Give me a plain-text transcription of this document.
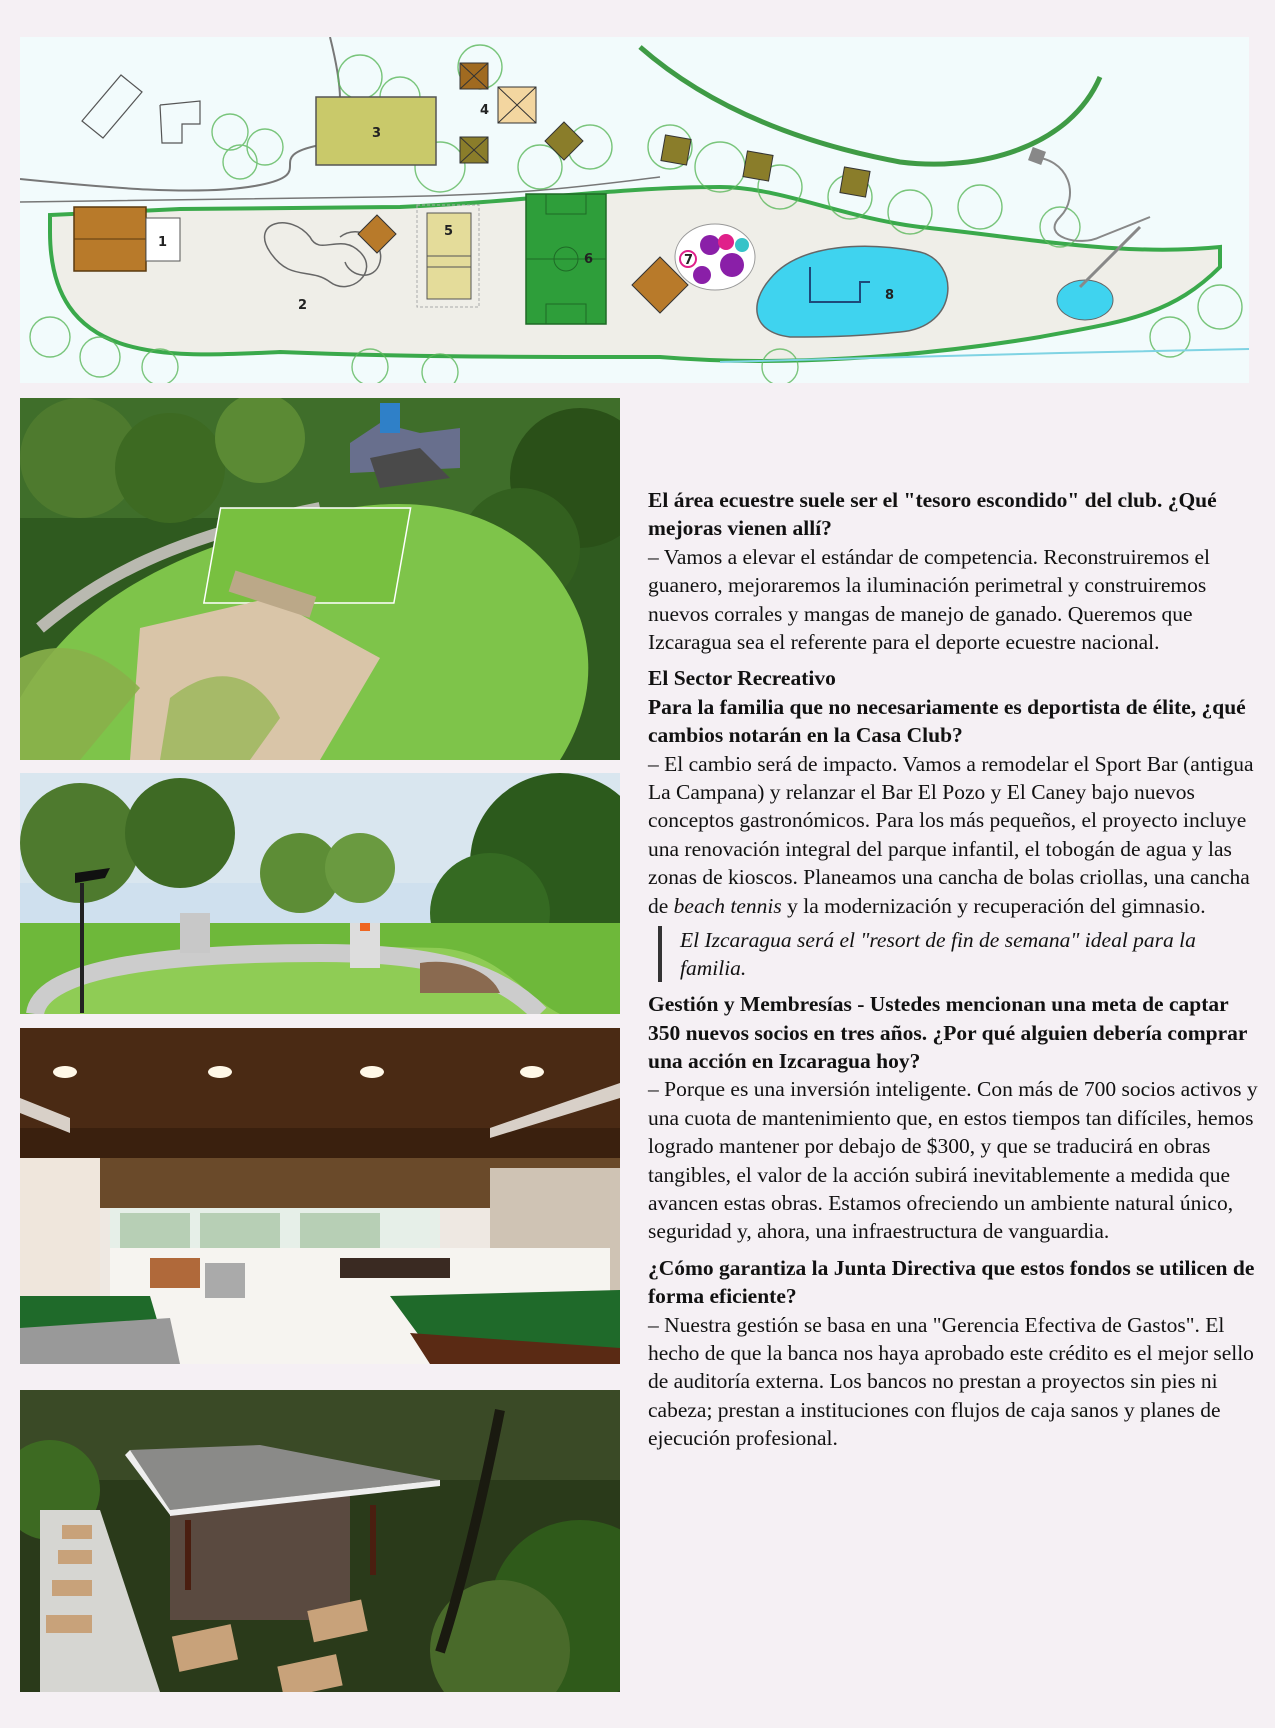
1
2
3
4
5
6	7
8

El área ecuestre suele ser el "tesoro escondido" del club. ¿Qué mejoras vienen allí?

– Vamos a elevar el estándar de competencia. Reconstruiremos el guanero, mejoraremos la iluminación perimetral y construiremos nuevos corrales y mangas de manejo de ganado. Queremos que Izcaragua sea el referente para el deporte ecuestre nacional.

El Sector Recreativo

Para la familia que no necesariamente es deportista de élite, ¿qué cambios notarán en la Casa Club?

– El cambio será de impacto. Vamos a remodelar el Sport Bar (antigua La Campana) y relanzar el Bar El Pozo y El Caney bajo nuevos conceptos gastronómicos. Para los más pequeños, el proyecto incluye una renovación integral del parque infantil, el tobogán de agua y las zonas de kioscos. Planeamos una cancha de bolas criollas, una cancha de beach tennis y la modernización y recuperación del gimnasio.

El Izcaragua será el "resort de fin de semana" ideal para la familia.

Gestión y Membresías - Ustedes mencionan una meta de captar 350 nuevos socios en tres años. ¿Por qué alguien debería comprar una acción en Izcaragua hoy?

– Porque es una inversión inteligente. Con más de 700 socios activos y una cuota de mantenimiento que, en estos tiempos tan difíciles, hemos logrado mantener por debajo de $300, y que se traducirá en obras tangibles, el valor de la acción subirá inevitablemente a medida que avancen estas obras. Estamos ofreciendo un ambiente natural único, seguridad y, ahora, una infraestructura de vanguardia.

¿Cómo garantiza la Junta Directiva que estos fondos se utilicen de forma eficiente?

– Nuestra gestión se basa en una "Gerencia Efectiva de Gastos". El hecho de que la banca nos haya aprobado este crédito es el mejor sello de auditoría externa. Los bancos no prestan a proyectos sin pies ni cabeza; prestan a instituciones con flujos de caja sanos y planes de ejecución profesional.
